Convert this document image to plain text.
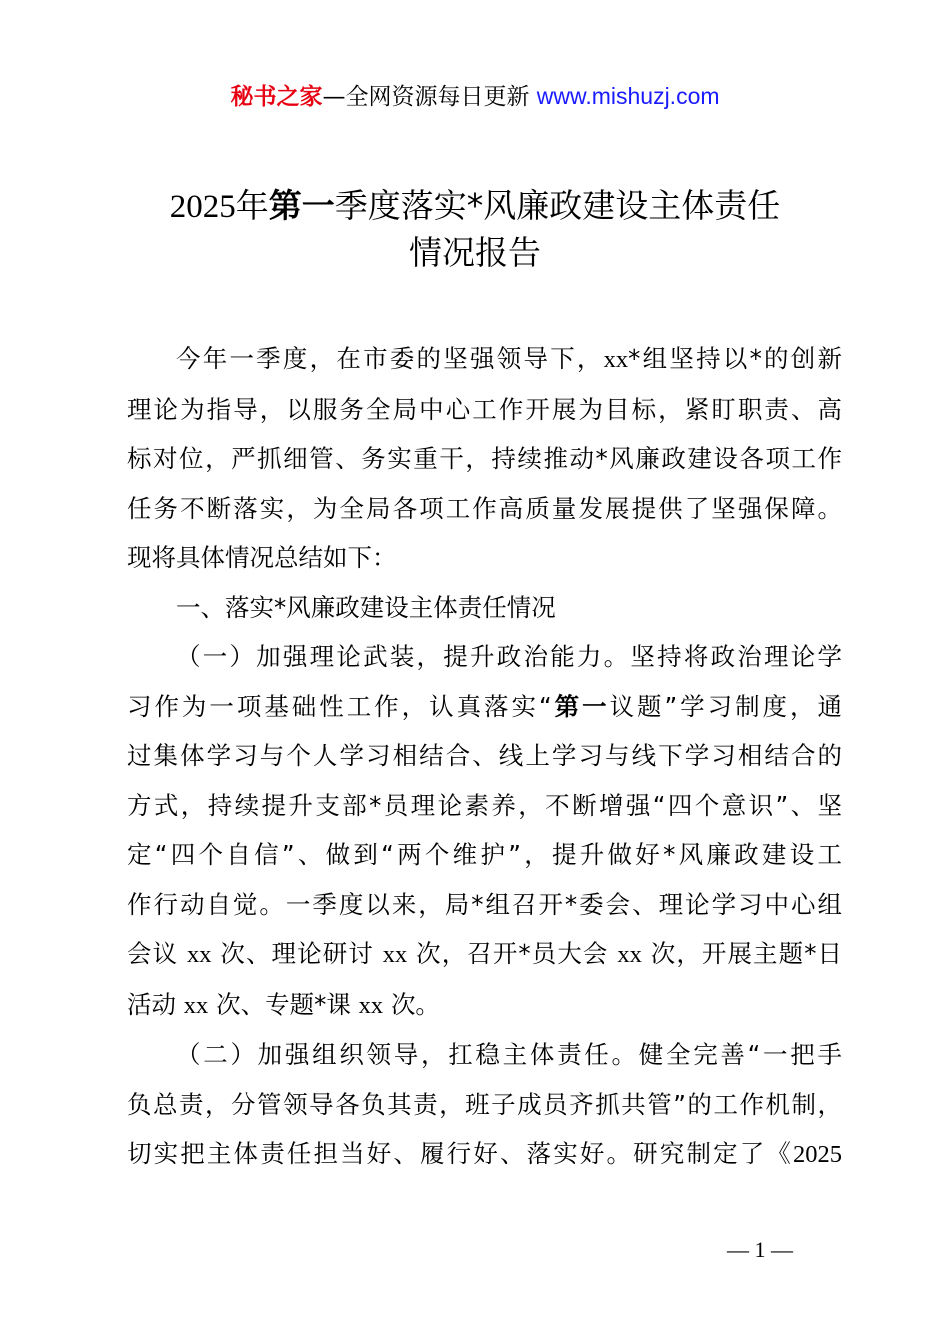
秘书之家—全网资源每日更新 www.mishuzj.com
2025年第一季度落实*风廉政建设主体责任
情况报告
今年一季度，在市委的坚强领导下，xx*组坚持以*的创新
理论为指导，以服务全局中心工作开展为目标，紧盯职责、高
标对位，严抓细管、务实重干，持续推动*风廉政建设各项工作
任务不断落实，为全局各项工作高质量发展提供了坚强保障。
现将具体情况总结如下：
一、落实*风廉政建设主体责任情况
（一）加强理论武装，提升政治能力。坚持将政治理论学
习作为一项基础性工作，认真落实“第一议题”学习制度，通
过集体学习与个人学习相结合、线上学习与线下学习相结合的
方式，持续提升支部*员理论素养，不断增强“四个意识”、坚
定“四个自信”、做到“两个维护”，提升做好*风廉政建设工
作行动自觉。一季度以来，局*组召开*委会、理论学习中心组
会议 xx 次、理论研讨 xx 次，召开*员大会 xx 次，开展主题*日
活动 xx 次、专题*课 xx 次。
（二）加强组织领导，扛稳主体责任。健全完善“一把手
负总责，分管领导各负其责，班子成员齐抓共管”的工作机制，
切实把主体责任担当好、履行好、落实好。研究制定了《2025
— 1 —
